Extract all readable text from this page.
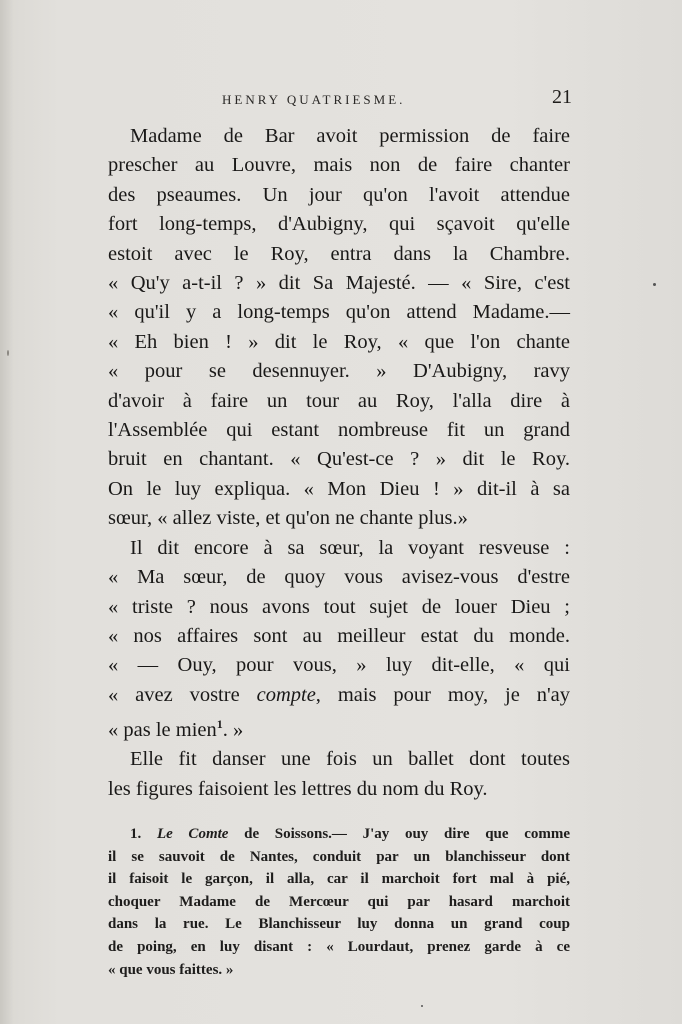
HENRY QUATRIESME.	21
Madame de Bar avoit permission de faire
prescher au Louvre, mais non de faire chanter
des pseaumes. Un jour qu'on l'avoit attendue
fort long-temps, d'Aubigny, qui sçavoit qu'elle
estoit avec le Roy, entra dans la Chambre.
« Qu'y a-t-il ? » dit Sa Majesté. — « Sire, c'est
« qu'il y a long-temps qu'on attend Madame.—
« Eh bien ! » dit le Roy, « que l'on chante
« pour se desennuyer. » D'Aubigny, ravy
d'avoir à faire un tour au Roy, l'alla dire à
l'Assemblée qui estant nombreuse fit un grand
bruit en chantant. « Qu'est-ce ? » dit le Roy.
On le luy expliqua. « Mon Dieu ! » dit-il à sa
sœur, « allez viste, et qu'on ne chante plus.»
Il dit encore à sa sœur, la voyant resveuse :
« Ma sœur, de quoy vous avisez-vous d'estre
« triste ? nous avons tout sujet de louer Dieu ;
« nos affaires sont au meilleur estat du monde.
« — Ouy, pour vous, » luy dit-elle, « qui
« avez vostre compte, mais pour moy, je n'ay
« pas le mien$^1$. »
Elle fit danser une fois un ballet dont toutes
les figures faisoient les lettres du nom du Roy.
1. Le Comte de Soissons.— J'ay ouy dire que comme
il se sauvoit de Nantes, conduit par un blanchisseur dont
il faisoit le garçon, il alla, car il marchoit fort mal à pié,
choquer Madame de Mercœur qui par hasard marchoit
dans la rue. Le Blanchisseur luy donna un grand coup
de poing, en luy disant : « Lourdaut, prenez garde à ce
« que vous faittes. »
